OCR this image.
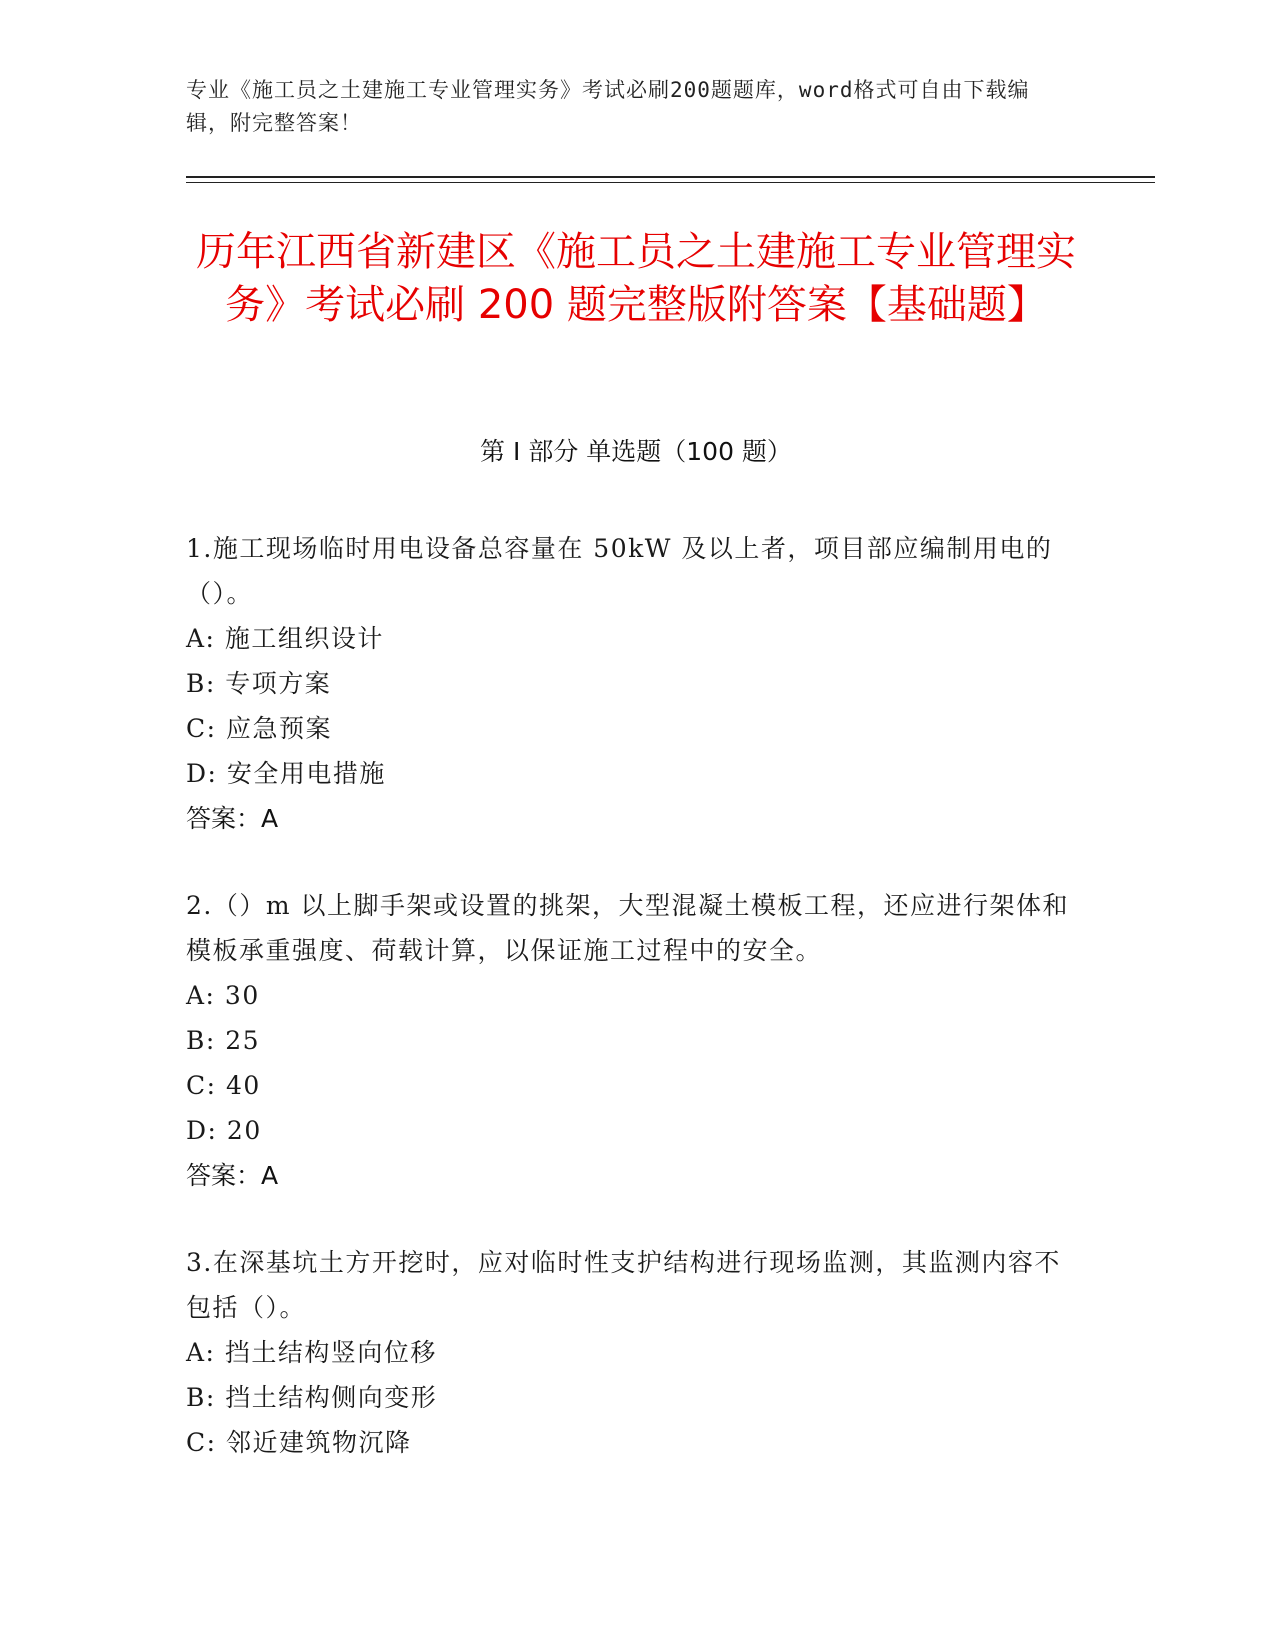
专业《施工员之土建施工专业管理实务》考试必刷200题题库，word格式可自由下载编辑，附完整答案！
历年江西省新建区《施工员之土建施工专业管理实务》考试必刷 200 题完整版附答案【基础题】
第 I 部分 单选题（100 题）
1.施工现场临时用电设备总容量在 50kW 及以上者，项目部应编制用电的（）。
A: 施工组织设计
B: 专项方案
C: 应急预案
D: 安全用电措施
答案：A
2.（）m 以上脚手架或设置的挑架，大型混凝土模板工程，还应进行架体和模板承重强度、荷载计算，以保证施工过程中的安全。
A: 30
B: 25
C: 40
D: 20
答案：A
3.在深基坑土方开挖时，应对临时性支护结构进行现场监测，其监测内容不包括（）。
A: 挡土结构竖向位移
B: 挡土结构侧向变形
C: 邻近建筑物沉降
